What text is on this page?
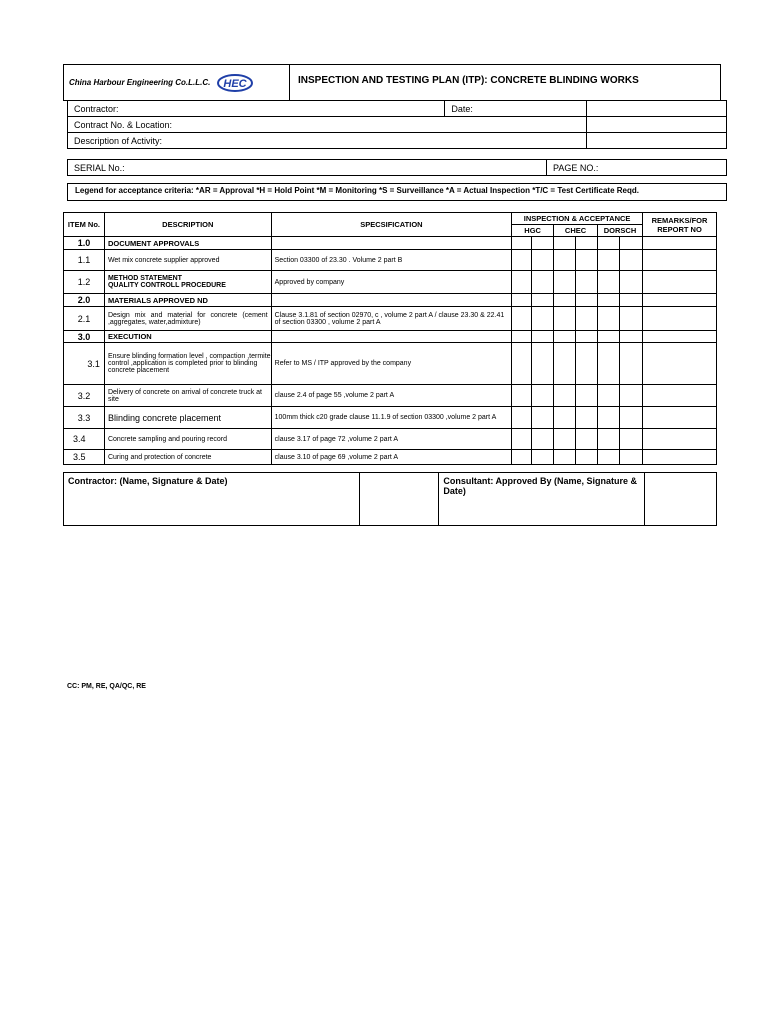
China Harbour Engineering Co.L.L.C. HEC	INSPECTION AND TESTING PLAN (ITP): CONCRETE BLINDING WORKS
Contractor:	Date:	
Contract No. & Location:		
Description of Activity:		
SERIAL No.:	PAGE NO.:
Legend for acceptance criteria: *AR = Approval *H = Hold Point *M = Monitoring *S = Surveillance *A = Actual Inspection *T/C = Test Certificate Reqd.
ITEM No.	DESCRIPTION	SPECSIFICATION	INSPECTION & ACCEPTANCE						REMARKS/FOR REPORT NO
			HGC		CHEC		DORSCH		
1.0	DOCUMENT APPROVALS								
1.1	Wet mix concrete supplier approved	Section 03300 of 23.30 . Volume 2 part B							
1.2	METHOD STATEMENT
QUALITY CONTROLL PROCEDURE	Approved by company							
2.0	MATERIALS APPROVED ND								
2.1	Design mix and material for concrete (cement ,aggregates, water,admixture)	Clause 3.1.81 of section 02970, c , volume 2 part A / clause 23.30 & 22.41 of section 03300 , volume 2 part A							
3.0	EXECUTION								
3.1	Ensure blinding formation level , compaction ,termite control ,application is completed prior to blinding concrete placement	Refer to MS / ITP approved by the company							
3.2	Delivery of concrete on arrival of concrete truck at site	clause 2.4 of page 55 ,volume 2 part A							
3.3	Blinding concrete placement	100mm thick c20 grade clause 11.1.9 of section 03300 ,volume 2 part A							
3.4	Concrete sampling and pouring record	clause 3.17 of page 72 ,volume 2 part A							
3.5	Curing and protection of concrete	clause 3.10 of page 69 ,volume 2 part A							
Contractor: (Name, Signature & Date)		Consultant: Approved By (Name, Signature & Date)	
CC: PM, RE, QA/QC, RE
